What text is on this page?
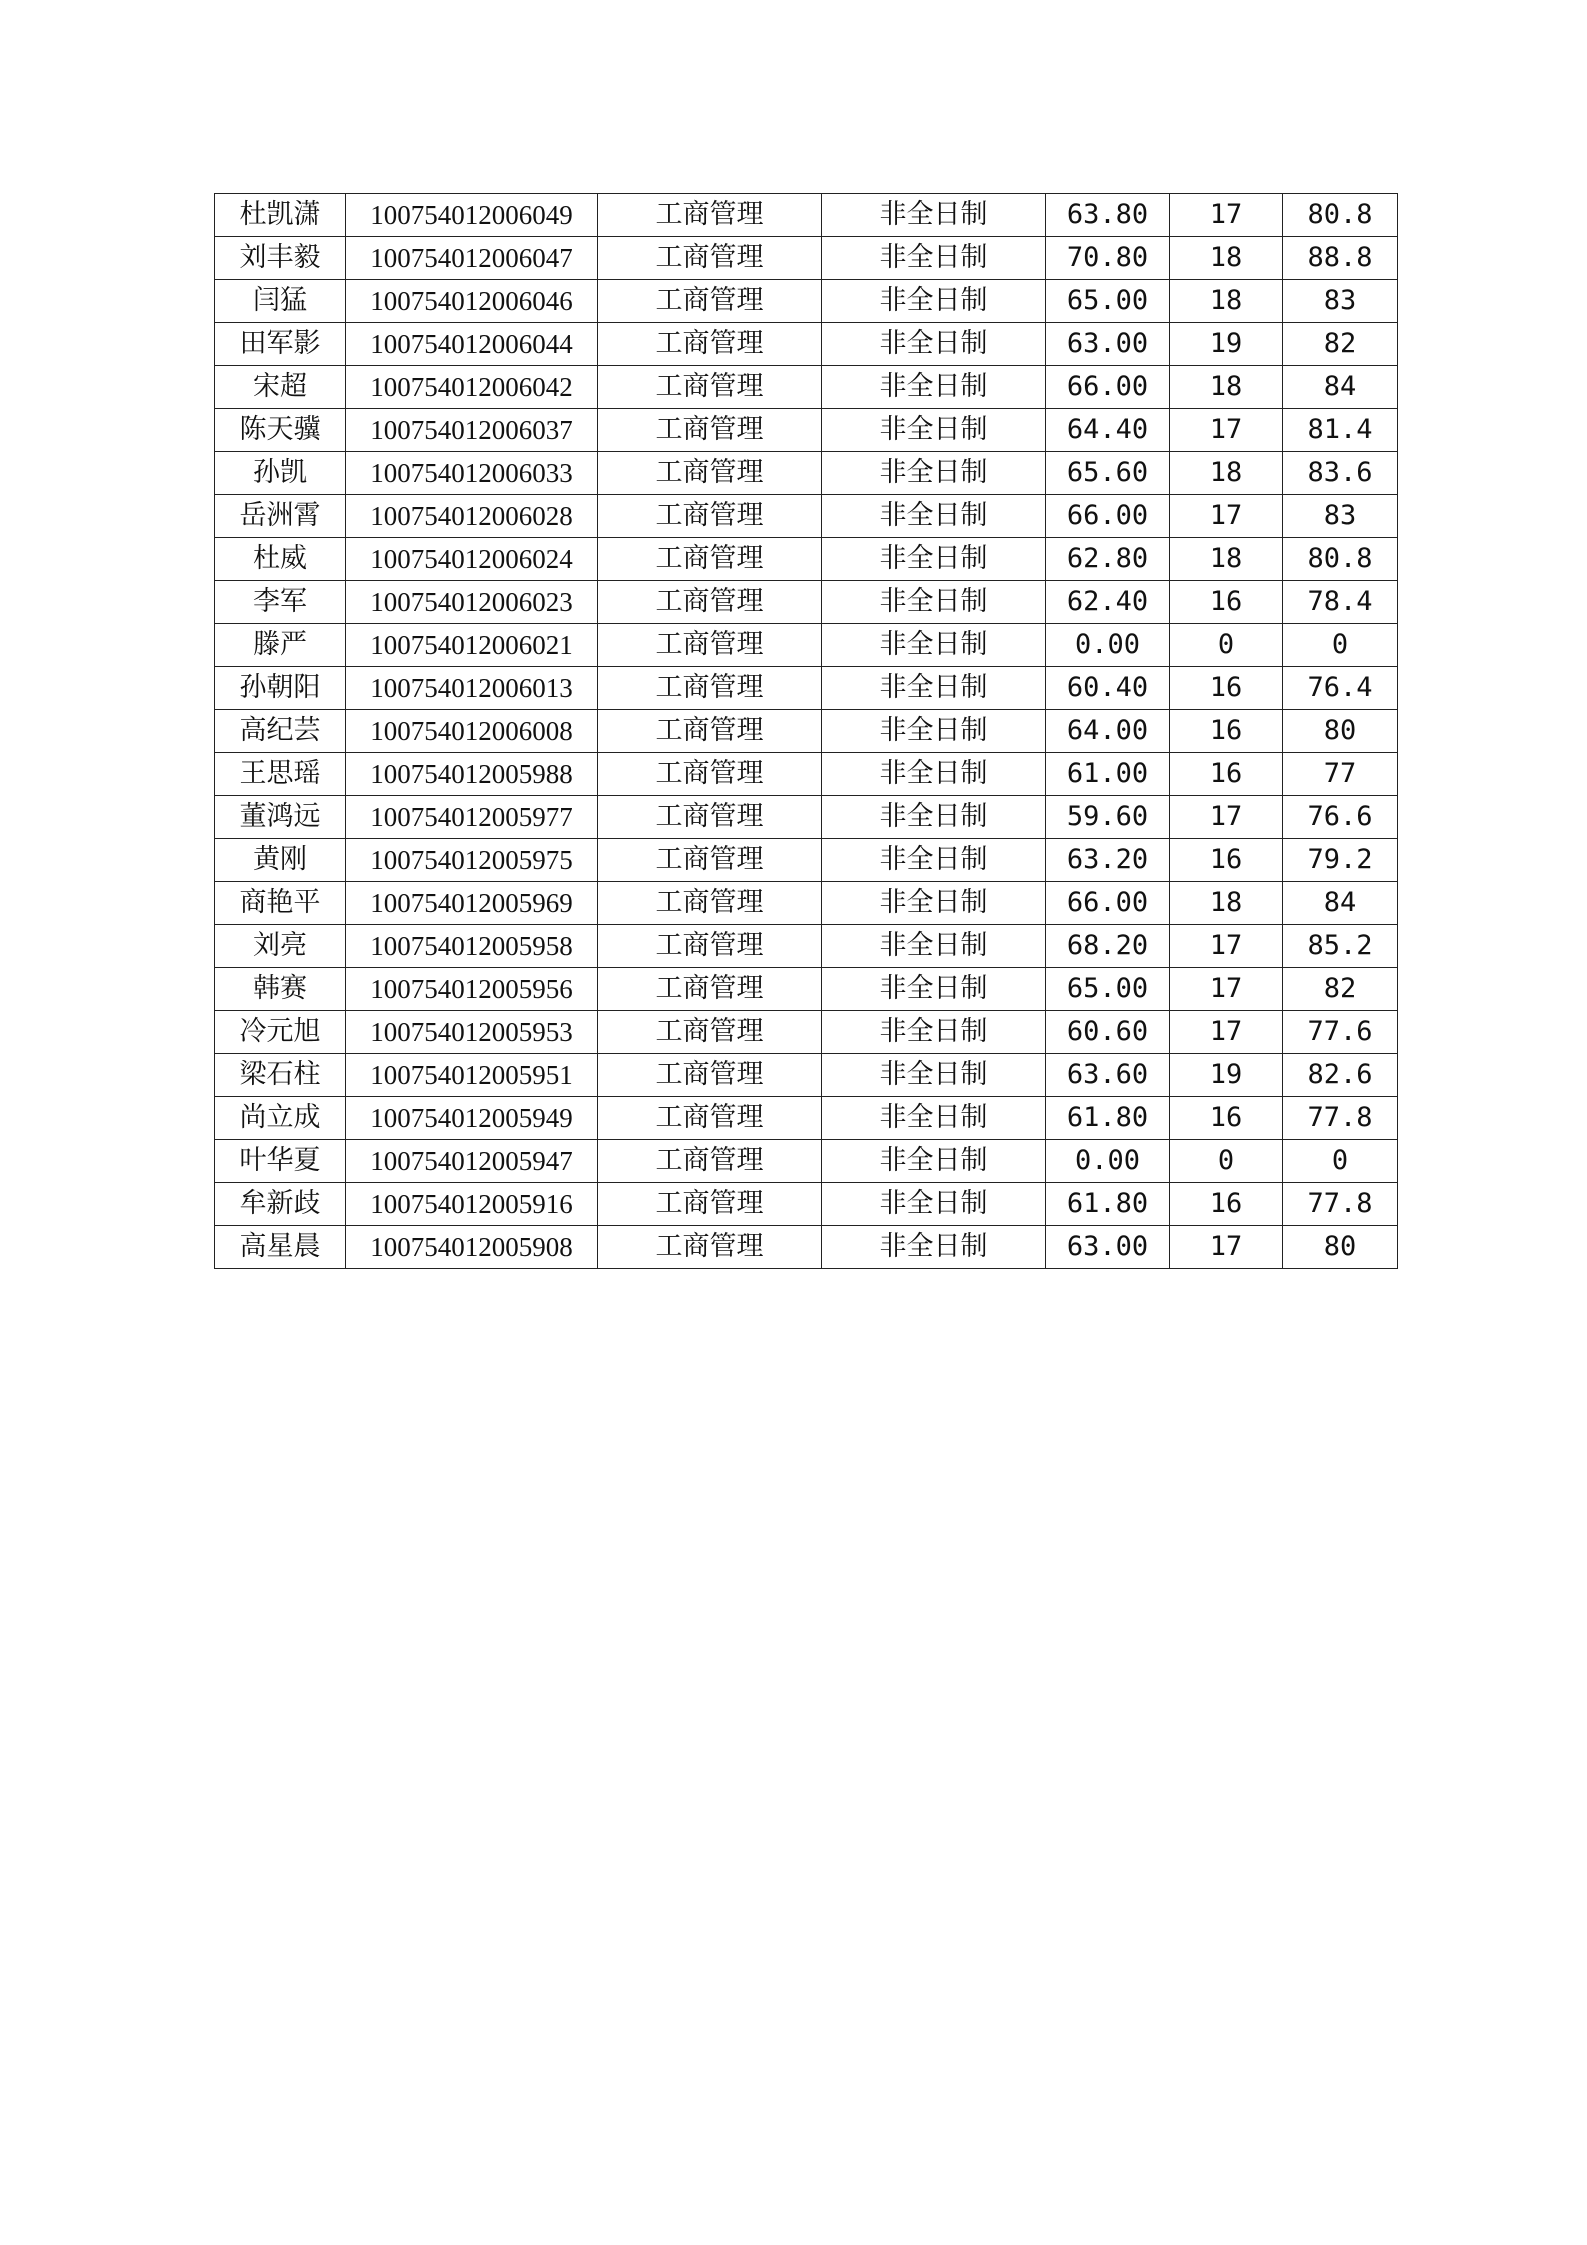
杜凯潇	100754012006049	工商管理	非全日制	63.80	17	80.8
刘丰毅	100754012006047	工商管理	非全日制	70.80	18	88.8
闫猛	100754012006046	工商管理	非全日制	65.00	18	83
田军影	100754012006044	工商管理	非全日制	63.00	19	82
宋超	100754012006042	工商管理	非全日制	66.00	18	84
陈天骥	100754012006037	工商管理	非全日制	64.40	17	81.4
孙凯	100754012006033	工商管理	非全日制	65.60	18	83.6
岳洲霄	100754012006028	工商管理	非全日制	66.00	17	83
杜威	100754012006024	工商管理	非全日制	62.80	18	80.8
李军	100754012006023	工商管理	非全日制	62.40	16	78.4
滕严	100754012006021	工商管理	非全日制	0.00	0	0
孙朝阳	100754012006013	工商管理	非全日制	60.40	16	76.4
高纪芸	100754012006008	工商管理	非全日制	64.00	16	80
王思瑶	100754012005988	工商管理	非全日制	61.00	16	77
董鸿远	100754012005977	工商管理	非全日制	59.60	17	76.6
黄刚	100754012005975	工商管理	非全日制	63.20	16	79.2
商艳平	100754012005969	工商管理	非全日制	66.00	18	84
刘亮	100754012005958	工商管理	非全日制	68.20	17	85.2
韩赛	100754012005956	工商管理	非全日制	65.00	17	82
冷元旭	100754012005953	工商管理	非全日制	60.60	17	77.6
梁石柱	100754012005951	工商管理	非全日制	63.60	19	82.6
尚立成	100754012005949	工商管理	非全日制	61.80	16	77.8
叶华夏	100754012005947	工商管理	非全日制	0.00	0	0
牟新歧	100754012005916	工商管理	非全日制	61.80	16	77.8
高星晨	100754012005908	工商管理	非全日制	63.00	17	80
